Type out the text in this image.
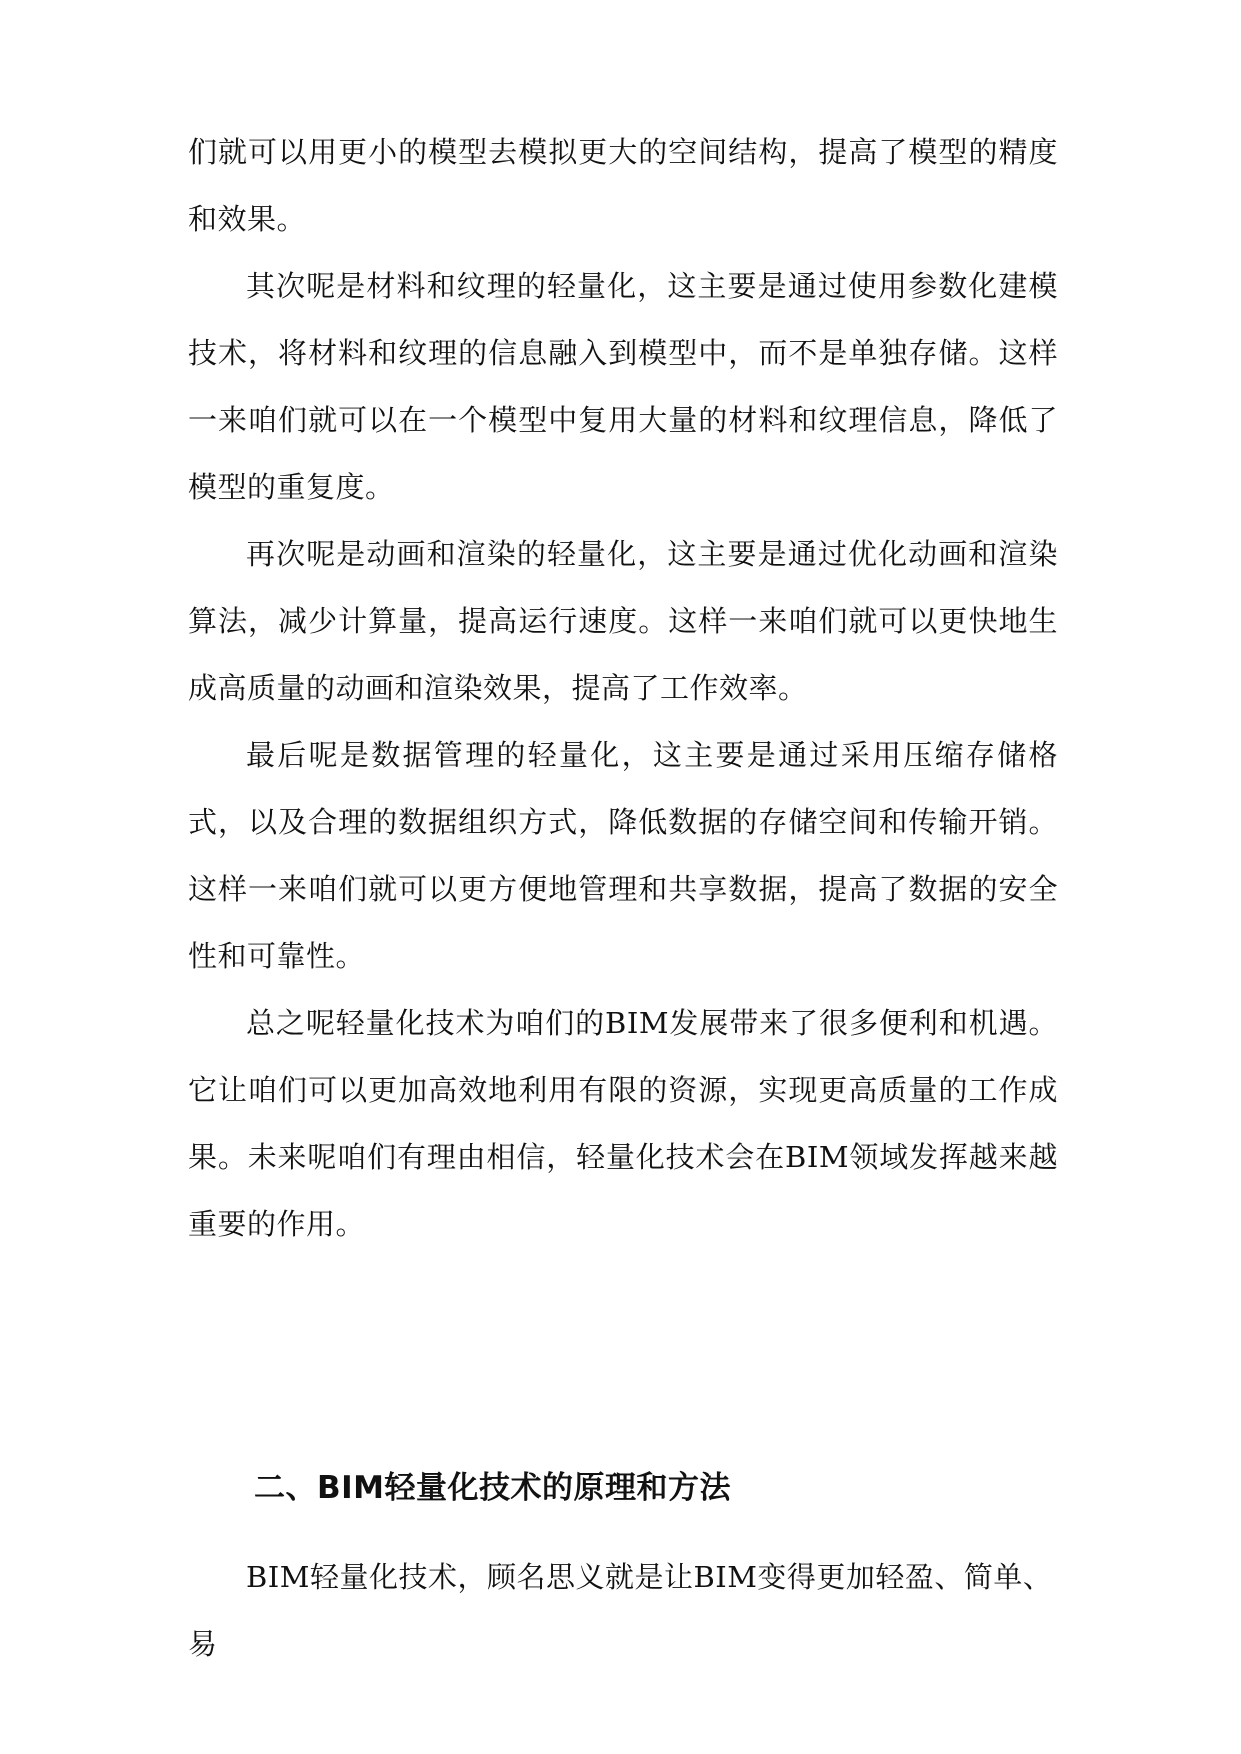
们就可以用更小的模型去模拟更大的空间结构，提高了模型的精度和效果。

其次呢是材料和纹理的轻量化，这主要是通过使用参数化建模技术，将材料和纹理的信息融入到模型中，而不是单独存储。这样一来咱们就可以在一个模型中复用大量的材料和纹理信息，降低了模型的重复度。

再次呢是动画和渲染的轻量化，这主要是通过优化动画和渲染算法，减少计算量，提高运行速度。这样一来咱们就可以更快地生成高质量的动画和渲染效果，提高了工作效率。

最后呢是数据管理的轻量化，这主要是通过采用压缩存储格式，以及合理的数据组织方式，降低数据的存储空间和传输开销。这样一来咱们就可以更方便地管理和共享数据，提高了数据的安全性和可靠性。

总之呢轻量化技术为咱们的BIM发展带来了很多便利和机遇。它让咱们可以更加高效地利用有限的资源，实现更高质量的工作成果。未来呢咱们有理由相信，轻量化技术会在BIM领域发挥越来越重要的作用。

二、BIM轻量化技术的原理和方法
BIM轻量化技术，顾名思义就是让BIM变得更加轻盈、简单、易
